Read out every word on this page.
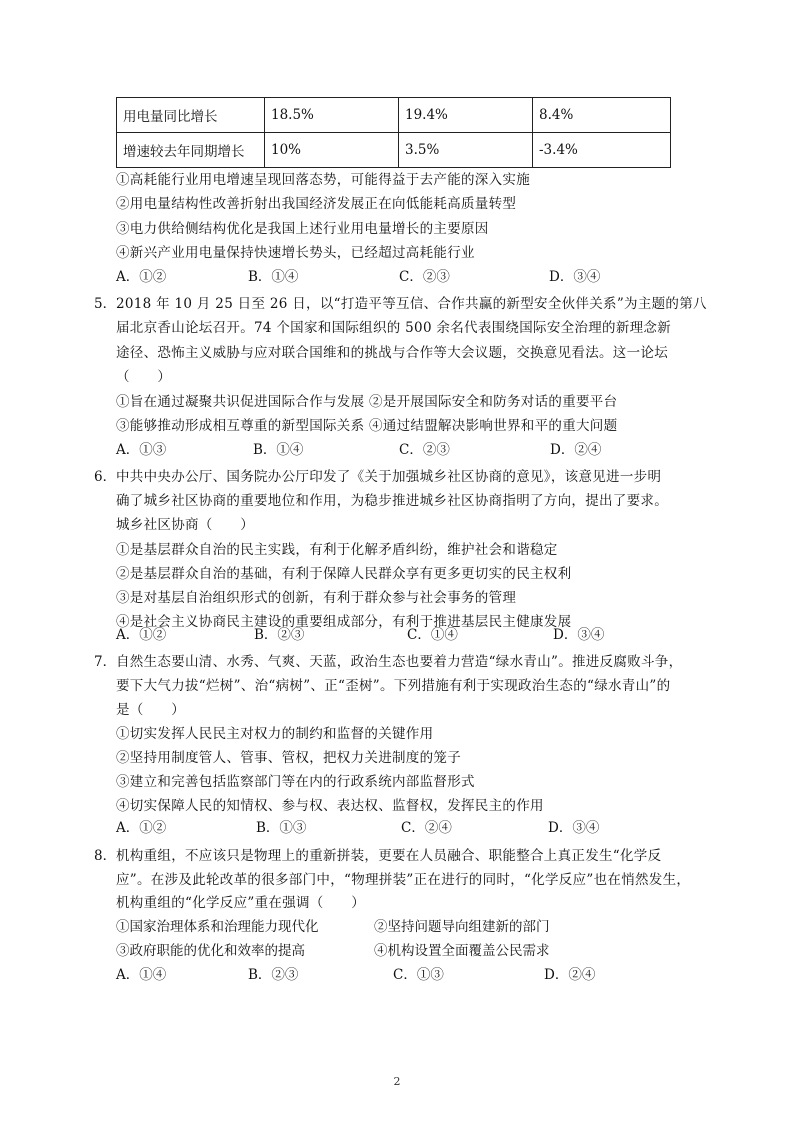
用电量同比增长	18.5%	19.4%	8.4%
增速较去年同期增长	10%	3.5%	-3.4%
①高耗能行业用电增速呈现回落态势，可能得益于去产能的深入实施
②用电量结构性改善折射出我国经济发展正在向低能耗高质量转型
③电力供给侧结构优化是我国上述行业用电量增长的主要原因
④新兴产业用电量保持快速增长势头，已经超过高耗能行业
A．①②	B．①④	C．②③	D．③④
5． 2018 年 10 月 25 日至 26 日，以“打造平等互信、合作共赢的新型安全伙伴关系”为主题的第八
届北京香山论坛召开。74 个国家和国际组织的 500 余名代表围绕国际安全治理的新理念新
途径、恐怖主义威胁与应对联合国维和的挑战与合作等大会议题，交换意见看法。这一论坛
（　　）
①旨在通过凝聚共识促进国际合作与发展 ②是开展国际安全和防务对话的重要平台
③能够推动形成相互尊重的新型国际关系 ④通过结盟解决影响世界和平的重大问题
A．①③	B．①④	C．②③	D．②④
6． 中共中央办公厅、国务院办公厅印发了《关于加强城乡社区协商的意见》，该意见进一步明
确了城乡社区协商的重要地位和作用，为稳步推进城乡社区协商指明了方向，提出了要求。
城乡社区协商（　　）
①是基层群众自治的民主实践，有利于化解矛盾纠纷，维护社会和谐稳定
②是基层群众自治的基础，有利于保障人民群众享有更多更切实的民主权利
③是对基层自治组织形式的创新，有利于群众参与社会事务的管理
④是社会主义协商民主建设的重要组成部分，有利于推进基层民主健康发展
A．①②	B．②③	C．①④	D．③④
7． 自然生态要山清、水秀、气爽、天蓝，政治生态也要着力营造“绿水青山”。推进反腐败斗争，
要下大气力拔“烂树”、治“病树”、正“歪树”。下列措施有利于实现政治生态的“绿水青山”的
是（　　）
①切实发挥人民民主对权力的制约和监督的关键作用
②坚持用制度管人、管事、管权，把权力关进制度的笼子
③建立和完善包括监察部门等在内的行政系统内部监督形式
④切实保障人民的知情权、参与权、表达权、监督权，发挥民主的作用
A．①②	B．①③	C．②④	D．③④
8． 机构重组，不应该只是物理上的重新拼装，更要在人员融合、职能整合上真正发生“化学反
应”。在涉及此轮改革的很多部门中，“物理拼装”正在进行的同时，“化学反应”也在悄然发生，
机构重组的“化学反应”重在强调（　　）
①国家治理体系和治理能力现代化	②坚持问题导向组建新的部门
③政府职能的优化和效率的提高	④机构设置全面覆盖公民需求
A．①④	B．②③	C．①③	D．②④
2
